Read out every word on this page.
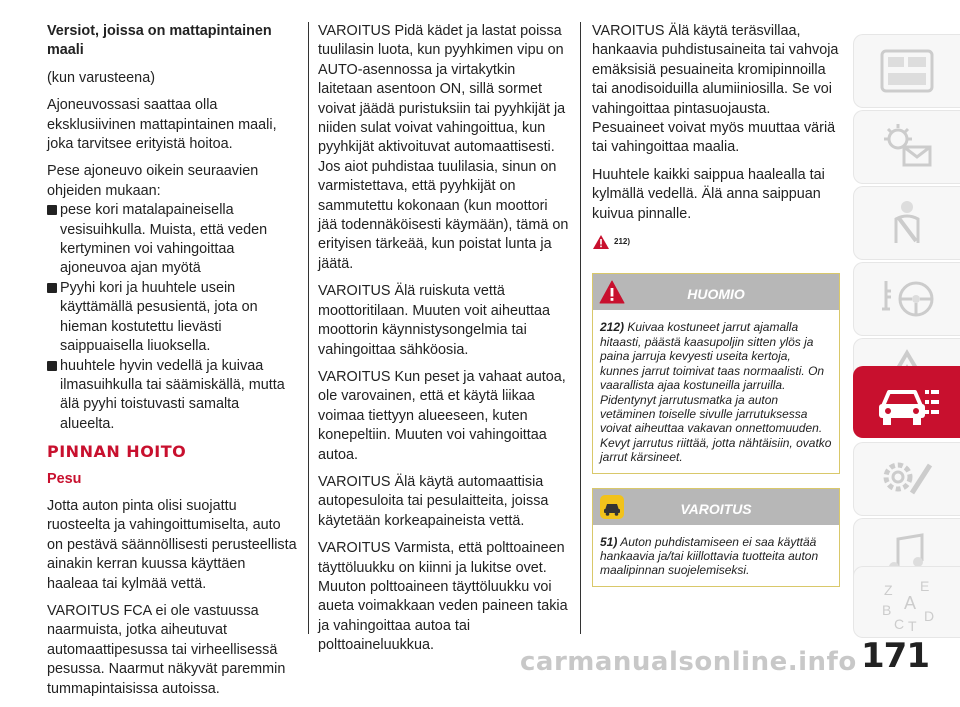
Versiot, joissa on mattapintainen maali

(kun varusteena)

Ajoneuvossasi saattaa olla eksklusiivinen mattapintainen maali, joka tarvitsee erityistä hoitoa.

Pese ajoneuvo oikein seuraavien ohjeiden mukaan:

pese kori matalapaineisella vesisuihkulla. Muista, että veden kertyminen voi vahingoittaa ajoneuvoa ajan myötä
Pyyhi kori ja huuhtele usein käyttämällä pesusientä, jota on hieman kostutettu lievästi saippuaisella liuoksella.
huuhtele hyvin vedellä ja kuivaa ilmasuihkulla tai säämiskällä, mutta älä pyyhi toistuvasti samalta alueelta.

PINNAN HOITO

Pesu

Jotta auton pinta olisi suojattu ruosteelta ja vahingoittumiselta, auto on pestävä säännöllisesti perusteellista ainakin kerran kuussa käyttäen haaleaa tai kylmää vettä.

VAROITUS FCA ei ole vastuussa naarmuista, jotka aiheutuvat automaattipesussa tai virheellisessä pesussa. Naarmut näkyvät paremmin tummapintaisissa autoissa.

VAROITUS Pidä kädet ja lastat poissa tuulilasin luota, kun pyyhkimen vipu on AUTO-asennossa ja virtakytkin laitetaan asentoon ON, sillä sormet voivat jäädä puristuksiin tai pyyhkijät ja niiden sulat voivat vahingoittua, kun pyyhkijät aktivoituvat automaattisesti. Jos aiot puhdistaa tuulilasia, sinun on varmistettava, että pyyhkijät on sammutettu kokonaan (kun moottori jää todennäköisesti käymään), tämä on erityisen tärkeää, kun poistat lunta ja jäätä.

VAROITUS Älä ruiskuta vettä moottoritilaan. Muuten voit aiheuttaa moottorin käynnistysongelmia tai vahingoittaa sähköosia.

VAROITUS Kun peset ja vahaat autoa, ole varovainen, että et käytä liikaa voimaa tiettyyn alueeseen, kuten konepeltiin. Muuten voi vahingoittaa autoa.

VAROITUS Älä käytä automaattisia autopesuloita tai pesulaitteita, joissa käytetään korkeapaineista vettä.

VAROITUS Varmista, että polttoaineen täyttöluukku on kiinni ja lukitse ovet. Muuton polttoaineen täyttöluukku voi aueta voimakkaan veden paineen takia ja vahingoittaa autoa tai polttoaineluukkua.

VAROITUS Älä käytä teräsvillaa, hankaavia puhdistusaineita tai vahvoja emäksisiä pesuaineita kromipinnoilla tai anodisoiduilla alumiiniosilla. Se voi vahingoittaa pintasuojausta. Pesuaineet voivat myös muuttaa väriä tai vahingoittaa maalia.

Huuhtele kaikki saippua haalealla tai kylmällä vedellä. Älä anna saippuan kuivua pinnalle.

212)
HUOMIO
212) Kuivaa kostuneet jarrut ajamalla hitaasti, päästä kaasupoljin sitten ylös ja paina jarruja kevyesti useita kertoja, kunnes jarrut toimivat taas normaalisti. On vaarallista ajaa kostuneilla jarruilla. Pidentynyt jarrutusmatka ja auton vetäminen toiselle sivulle jarrutuksessa voivat aiheuttaa vakavan onnettomuuden. Kevyt jarrutus riittää, jotta nähtäisiin, ovatko jarrut kärsineet.
VAROITUS
51) Auton puhdistamiseen ei saa käyttää hankaavia ja/tai kiillottavia tuotteita auton maalipinnan suojelemiseksi.
Z E
B A
C T
D
carmanualsonline.info 171
